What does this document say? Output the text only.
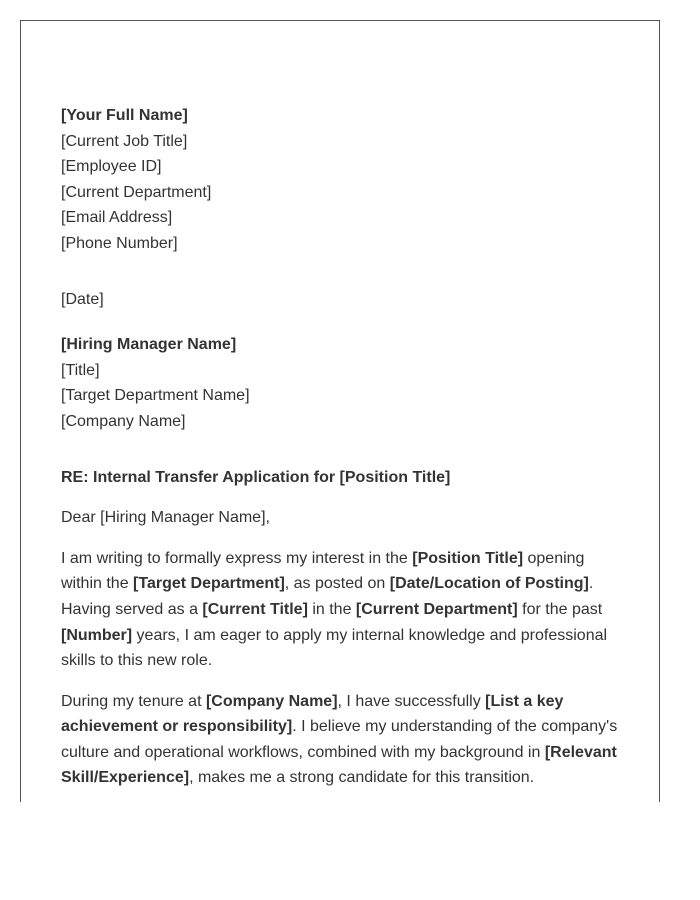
[Your Full Name]
[Current Job Title]
[Employee ID]
[Current Department]
[Email Address]
[Phone Number]
[Date]
[Hiring Manager Name]
[Title]
[Target Department Name]
[Company Name]
RE: Internal Transfer Application for [Position Title]
Dear [Hiring Manager Name],

I am writing to formally express my interest in the [Position Title] opening within the [Target Department], as posted on [Date/Location of Posting]. Having served as a [Current Title] in the [Current Department] for the past [Number] years, I am eager to apply my internal knowledge and professional skills to this new role.

During my tenure at [Company Name], I have successfully [List a key achievement or responsibility]. I believe my understanding of the company's culture and operational workflows, combined with my background in [Relevant Skill/Experience], makes me a strong candidate for this transition.
